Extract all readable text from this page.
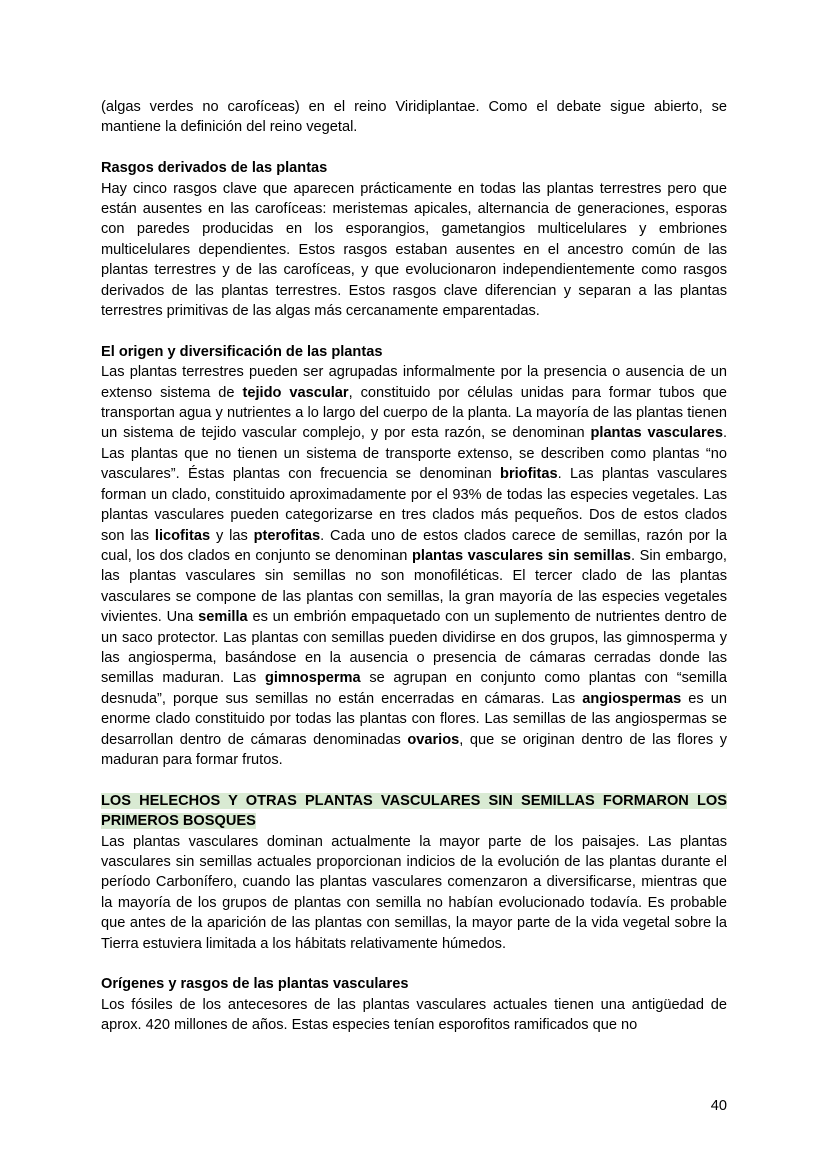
(algas verdes no carofíceas) en el reino Viridiplantae. Como el debate sigue abierto, se mantiene la definición del reino vegetal.

Rasgos derivados de las plantas

Hay cinco rasgos clave que aparecen prácticamente en todas las plantas terrestres pero que están ausentes en las carofíceas: meristemas apicales, alternancia de generaciones, esporas con paredes producidas en los esporangios, gametangios multicelulares y embriones multicelulares dependientes. Estos rasgos estaban ausentes en el ancestro común de las plantas terrestres y de las carofíceas, y que evolucionaron independientemente como rasgos derivados de las plantas terrestres. Estos rasgos clave diferencian y separan a las plantas terrestres primitivas de las algas más cercanamente emparentadas.

El origen y diversificación de las plantas

Las plantas terrestres pueden ser agrupadas informalmente por la presencia o ausencia de un extenso sistema de tejido vascular, constituido por células unidas para formar tubos que transportan agua y nutrientes a lo largo del cuerpo de la planta. La mayoría de las plantas tienen un sistema de tejido vascular complejo, y por esta razón, se denominan plantas vasculares. Las plantas que no tienen un sistema de transporte extenso, se describen como plantas “no vasculares”. Éstas plantas con frecuencia se denominan briofitas. Las plantas vasculares forman un clado, constituido aproximadamente por el 93% de todas las especies vegetales. Las plantas vasculares pueden categorizarse en tres clados más pequeños. Dos de estos clados son las licofitas y las pterofitas. Cada uno de estos clados carece de semillas, razón por la cual, los dos clados en conjunto se denominan plantas vasculares sin semillas. Sin embargo, las plantas vasculares sin semillas no son monofiléticas. El tercer clado de las plantas vasculares se compone de las plantas con semillas, la gran mayoría de las especies vegetales vivientes. Una semilla es un embrión empaquetado con un suplemento de nutrientes dentro de un saco protector. Las plantas con semillas pueden dividirse en dos grupos, las gimnosperma y las angiosperma, basándose en la ausencia o presencia de cámaras cerradas donde las semillas maduran. Las gimnosperma se agrupan en conjunto como plantas con “semilla desnuda”, porque sus semillas no están encerradas en cámaras. Las angiospermas es un enorme clado constituido por todas las plantas con flores. Las semillas de las angiospermas se desarrollan dentro de cámaras denominadas ovarios, que se originan dentro de las flores y maduran para formar frutos.

LOS HELECHOS Y OTRAS PLANTAS VASCULARES SIN SEMILLAS FORMARON LOS PRIMEROS BOSQUES

Las plantas vasculares dominan actualmente la mayor parte de los paisajes. Las plantas vasculares sin semillas actuales proporcionan indicios de la evolución de las plantas durante el período Carbonífero, cuando las plantas vasculares comenzaron a diversificarse, mientras que la mayoría de los grupos de plantas con semilla no habían evolucionado todavía. Es probable que antes de la aparición de las plantas con semillas, la mayor parte de la vida vegetal sobre la Tierra estuviera limitada a los hábitats relativamente húmedos.

Orígenes y rasgos de las plantas vasculares

Los fósiles de los antecesores de las plantas vasculares actuales tienen una antigüedad de aprox. 420 millones de años. Estas especies tenían esporofitos ramificados que no

40
